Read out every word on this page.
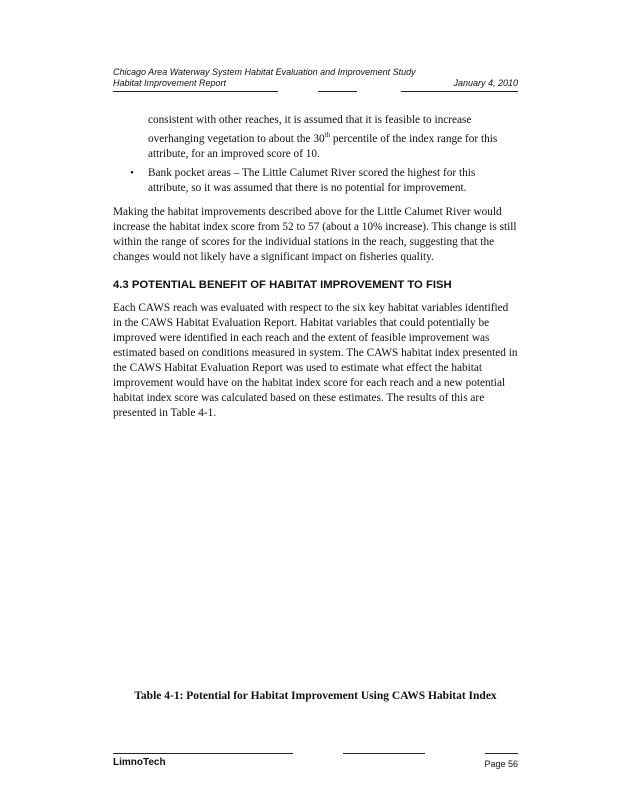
Chicago Area Waterway System Habitat Evaluation and Improvement Study
Habitat Improvement Report	January 4, 2010
consistent with other reaches, it is assumed that it is feasible to increase overhanging vegetation to about the 30th percentile of the index range for this attribute, for an improved score of 10.
•	Bank pocket areas – The Little Calumet River scored the highest for this attribute, so it was assumed that there is no potential for improvement.
Making the habitat improvements described above for the Little Calumet River would increase the habitat index score from 52 to 57 (about a 10% increase). This change is still within the range of scores for the individual stations in the reach, suggesting that the changes would not likely have a significant impact on fisheries quality.
4.3 POTENTIAL BENEFIT OF HABITAT IMPROVEMENT TO FISH
Each CAWS reach was evaluated with respect to the six key habitat variables identified in the CAWS Habitat Evaluation Report. Habitat variables that could potentially be improved were identified in each reach and the extent of feasible improvement was estimated based on conditions measured in system. The CAWS habitat index presented in the CAWS Habitat Evaluation Report was used to estimate what effect the habitat improvement would have on the habitat index score for each reach and a new potential habitat index score was calculated based on these estimates. The results of this are presented in Table 4-1.
Table 4-1: Potential for Habitat Improvement Using CAWS Habitat Index
LimnoTech	Page 56
